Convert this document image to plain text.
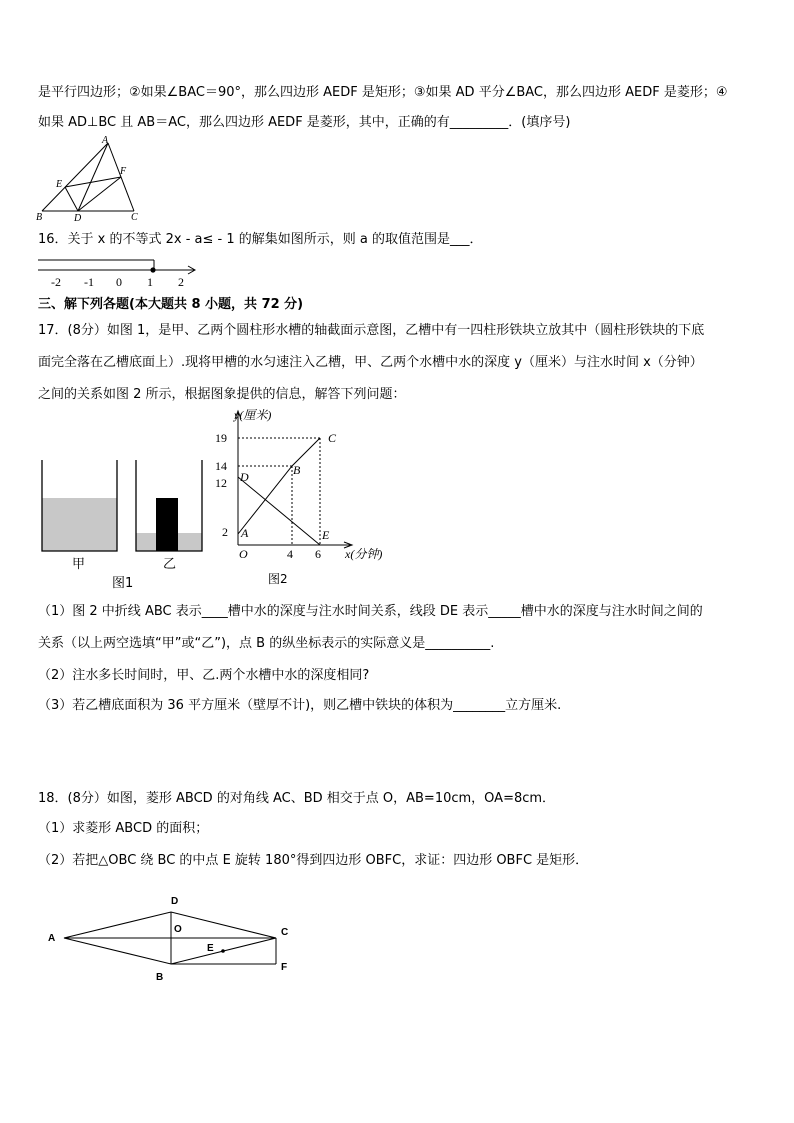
是平行四边形；②如果∠BAC＝90°，那么四边形 AEDF 是矩形；③如果 AD 平分∠BAC，那么四边形 AEDF 是菱形；④
如果 AD⊥BC 且 AB＝AC，那么四边形 AEDF 是菱形，其中，正确的有_________．(填序号)
A
E
F
B	D	C
16．关于 x 的不等式 2x - a≤ - 1 的解集如图所示，则 a 的取值范围是___．
-2 -1 0 1 2
三、解下列各题(本大题共 8 小题，共 72 分)
17．(8分）如图 1，是甲、乙两个圆柱形水槽的轴截面示意图，乙槽中有一四柱形铁块立放其中（圆柱形铁块的下底
面完全落在乙槽底面上）.现将甲槽的水匀速注入乙槽，甲、乙两个水槽中水的深度 y（厘米）与注水时间 x（分钟）
之间的关系如图 2 所示，根据图象提供的信息，解答下列问题：
甲	乙
图1
y(厘米)
x(分钟)
19
14
12
2
4 6
O
A
B
C
D
E
图2
（1）图 2 中折线 ABC 表示____槽中水的深度与注水时间关系，线段 DE 表示_____槽中水的深度与注水时间之间的
关系（以上两空选填“甲”或“乙”)，点 B 的纵坐标表示的实际意义是__________.
（2）注水多长时间时，甲、乙.两个水槽中水的深度相同?
（3）若乙槽底面积为 36 平方厘米（壁厚不计)，则乙槽中铁块的体积为________立方厘米.
18．(8分）如图，菱形 ABCD 的对角线 AC、BD 相交于点 O，AB=10cm，OA=8cm．
（1）求菱形 ABCD 的面积；
（2）若把△OBC 绕 BC 的中点 E 旋转 180°得到四边形 OBFC，求证：四边形 OBFC 是矩形．
A
D
O	C
E
B
F
